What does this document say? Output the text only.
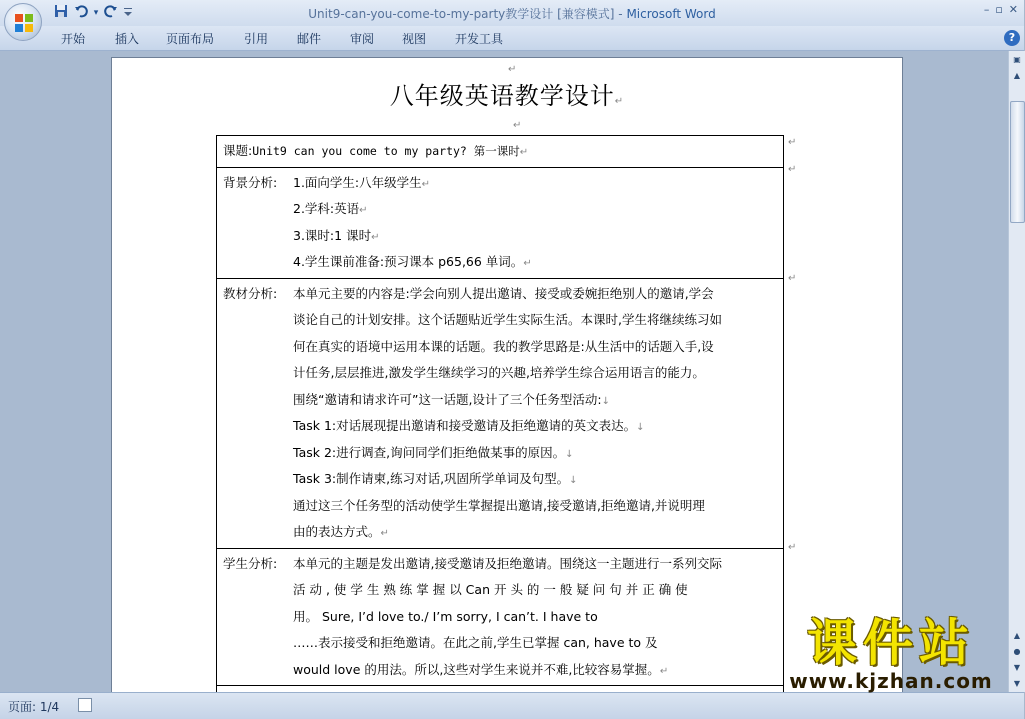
▾	Unit9-can-you-come-to-my-party教学设计 [兼容模式] - Microsoft Word	– ▫ ✕
开始 插入 页面布局 引用 邮件 审阅 视图 开发工具	?
↵
八年级英语教学设计↵
↵
课题:Unit9 can you come to my party? 第一课时↵

背景分析: 1.面向学生:八年级学生↵
2.学科:英语↵
3.课时:1 课时↵
4.学生课前准备:预习课本 p65,66 单词。↵

教材分析: 本单元主要的内容是:学会向别人提出邀请、接受或委婉拒绝别人的邀请,学会
谈论自己的计划安排。这个话题贴近学生实际生活。本课时,学生将继续练习如
何在真实的语境中运用本课的话题。我的教学思路是:从生活中的话题入手,设
计任务,层层推进,激发学生继续学习的兴趣,培养学生综合运用语言的能力。
围绕“邀请和请求许可”这一话题,设计了三个任务型活动:↓
Task 1:对话展现提出邀请和接受邀请及拒绝邀请的英文表达。↓
Task 2:进行调查,询问同学们拒绝做某事的原因。↓
Task 3:制作请柬,练习对话,巩固所学单词及句型。↓
通过这三个任务型的活动使学生掌握提出邀请,接受邀请,拒绝邀请,并说明理
由的表达方式。↵

学生分析: 本单元的主题是发出邀请,接受邀请及拒绝邀请。围绕这一主题进行一系列交际
活 动 , 使 学 生 熟 练 掌 握 以 Can 开 头 的 一 般 疑 问 句 并 正 确 使
用。 Sure, I’d love to./ I’m sorry, I can’t. I have to
……表示接受和拒绝邀请。在此之前,学生已掌握 can, have to 及
would love 的用法。所以,这些对学生来说并不难,比较容易掌握。↵

↵
↵
↵
↵
▣
▲
▲
●
▼
▼
页面: 1/4
课件站
www.kjzhan.com
